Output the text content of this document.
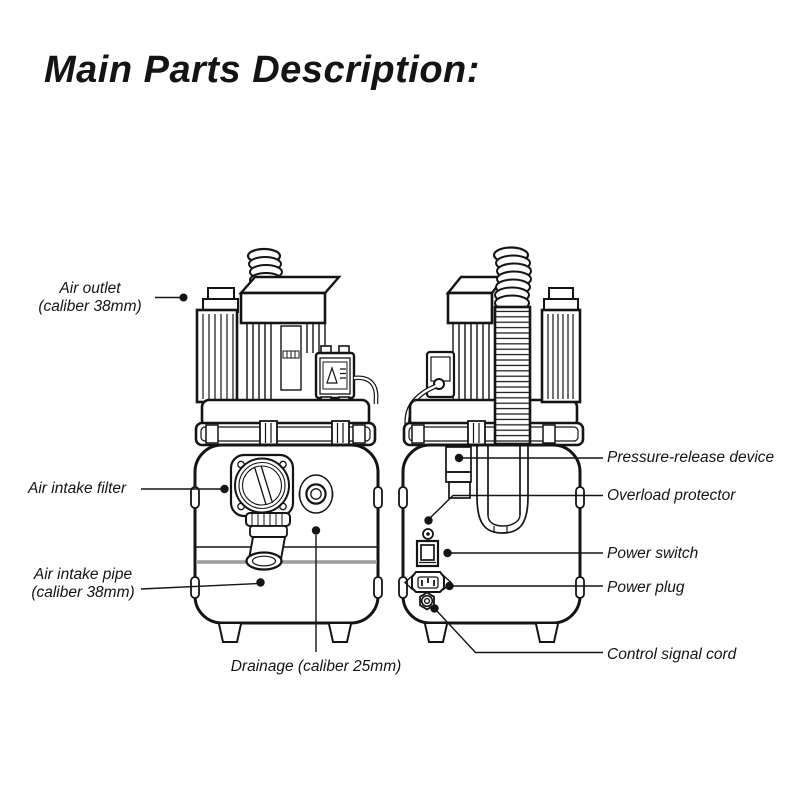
Main Parts Description:
Air outlet
(caliber 38mm)
Air intake filter
Air intake pipe
(caliber 38mm)
Drainage (caliber 25mm)
Pressure-release device
Overload protector
Power switch
Power plug
Control signal cord
